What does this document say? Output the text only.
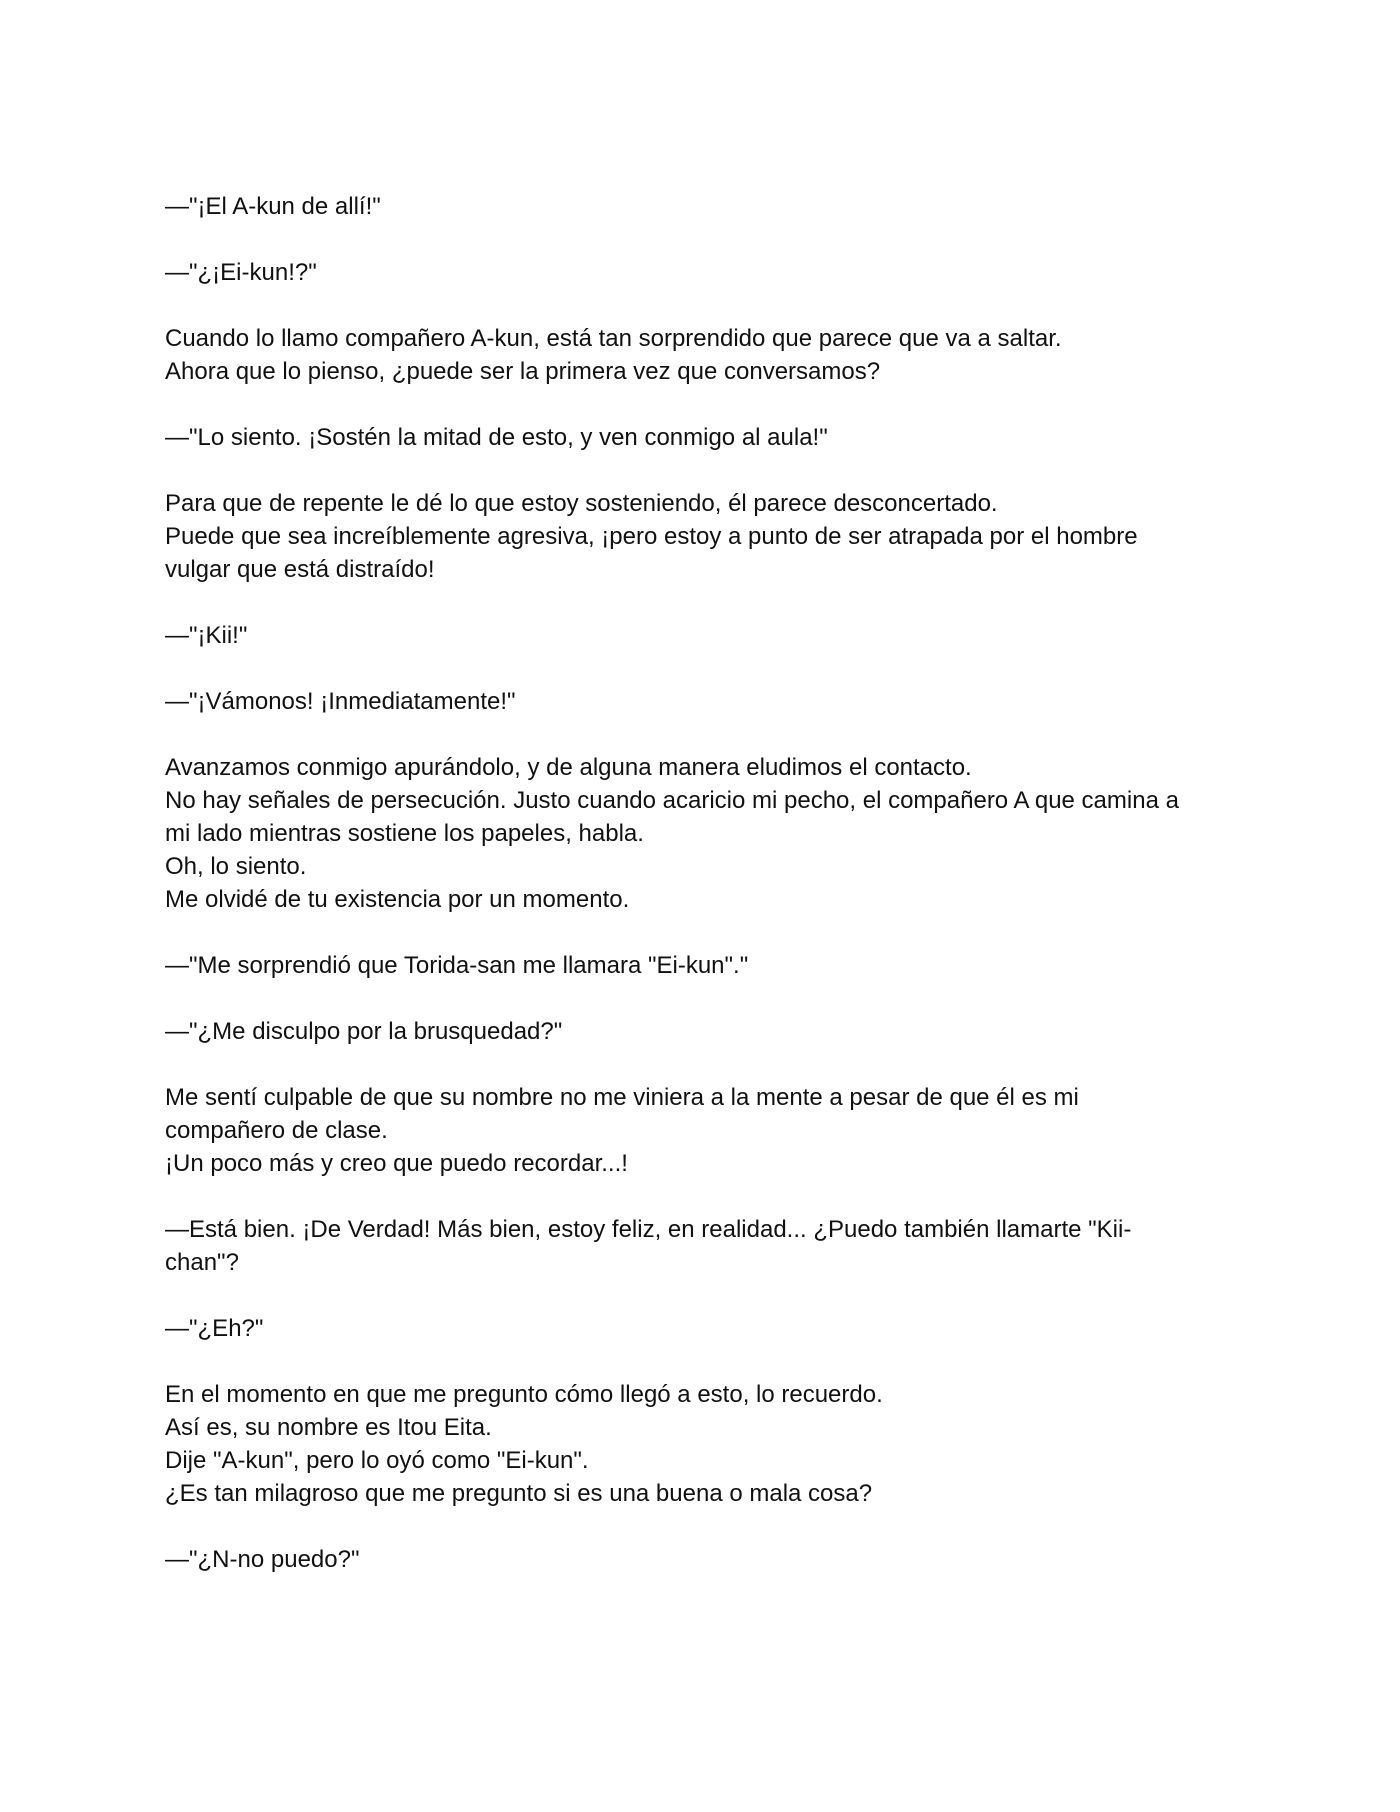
—"¡El A-kun de allí!"

—"¿¡Ei-kun!?"

Cuando lo llamo compañero A-kun, está tan sorprendido que parece que va a saltar.
Ahora que lo pienso, ¿puede ser la primera vez que conversamos?

—"Lo siento. ¡Sostén la mitad de esto, y ven conmigo al aula!"

Para que de repente le dé lo que estoy sosteniendo, él parece desconcertado.
Puede que sea increíblemente agresiva, ¡pero estoy a punto de ser atrapada por el hombre
vulgar que está distraído!

—"¡Kii!"

—"¡Vámonos! ¡Inmediatamente!"

Avanzamos conmigo apurándolo, y de alguna manera eludimos el contacto.
No hay señales de persecución. Justo cuando acaricio mi pecho, el compañero A que camina a
mi lado mientras sostiene los papeles, habla.
Oh, lo siento.
Me olvidé de tu existencia por un momento.

—"Me sorprendió que Torida-san me llamara "Ei-kun"."

—"¿Me disculpo por la brusquedad?"

Me sentí culpable de que su nombre no me viniera a la mente a pesar de que él es mi
compañero de clase.
¡Un poco más y creo que puedo recordar...!

—Está bien. ¡De Verdad! Más bien, estoy feliz, en realidad... ¿Puedo también llamarte "Kii-
chan"?

—"¿Eh?"

En el momento en que me pregunto cómo llegó a esto, lo recuerdo.
Así es, su nombre es Itou Eita.
Dije "A-kun", pero lo oyó como "Ei-kun".
¿Es tan milagroso que me pregunto si es una buena o mala cosa?

—"¿N-no puedo?"
